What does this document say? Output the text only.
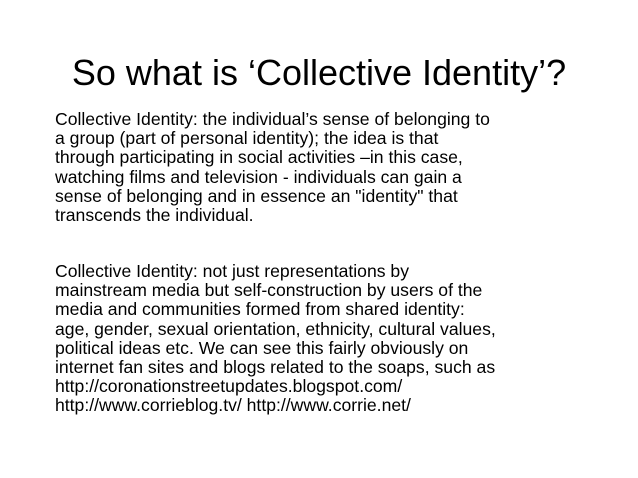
So what is ‘Collective Identity’?
Collective Identity: the individual’s sense of belonging to
a group (part of personal identity); the idea is that
through participating in social activities –in this case,
watching films and television - individuals can gain a
sense of belonging and in essence an "identity" that
transcends the individual.
Collective Identity: not just representations by
mainstream media but self-construction by users of the
media and communities formed from shared identity:
age, gender, sexual orientation, ethnicity, cultural values,
political ideas etc. We can see this fairly obviously on
internet fan sites and blogs related to the soaps, such as
http://coronationstreetupdates.blogspot.com/
http://www.corrieblog.tv/ http://www.corrie.net/
